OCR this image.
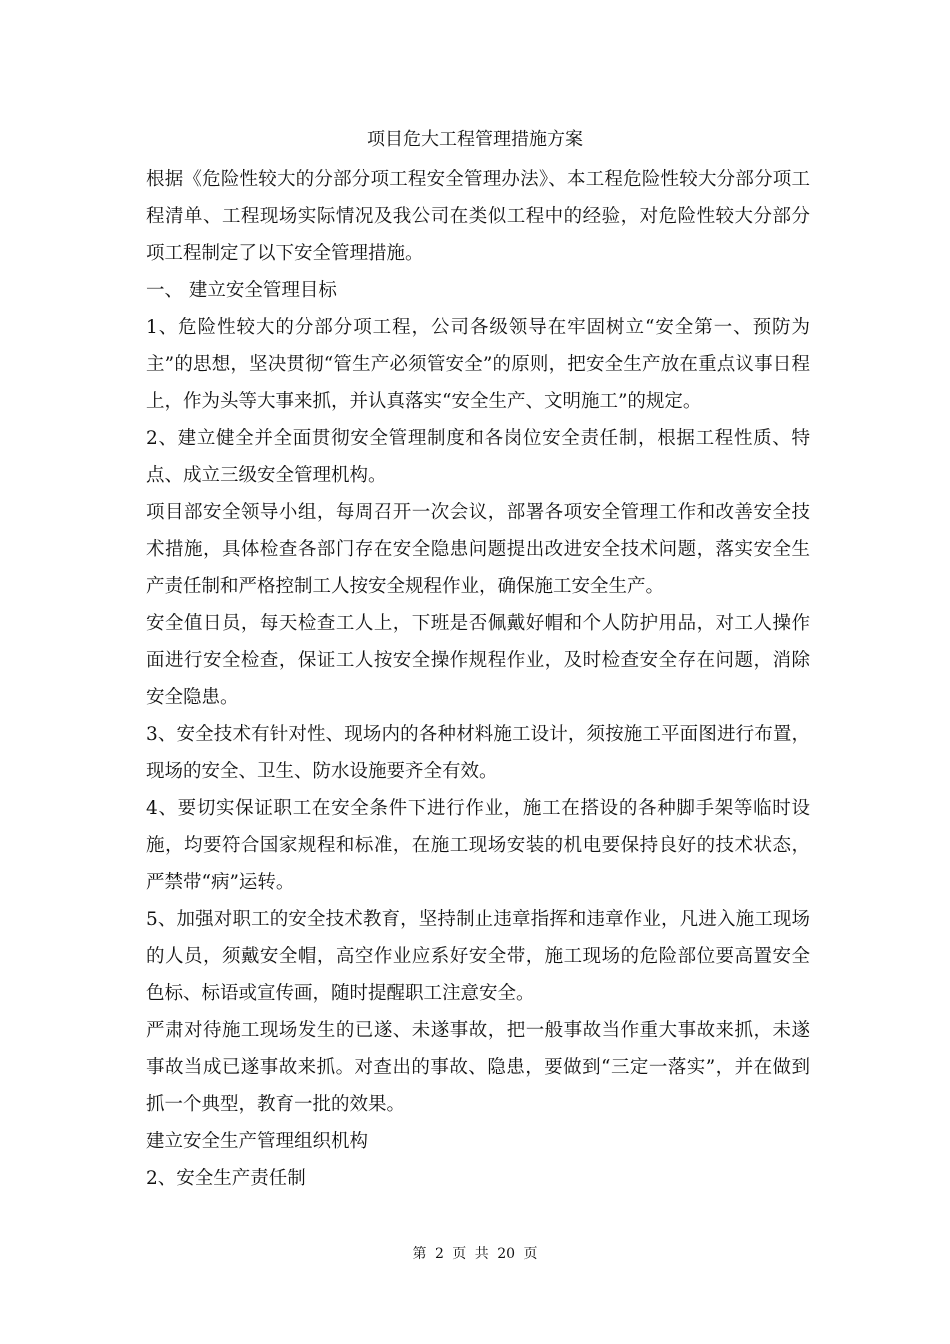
项目危大工程管理措施方案

根据《危险性较大的分部分项工程安全管理办法》、本工程危险性较大分部分项工程清单、工程现场实际情况及我公司在类似工程中的经验，对危险性较大分部分项工程制定了以下安全管理措施。

一、 建立安全管理目标

1、危险性较大的分部分项工程，公司各级领导在牢固树立“安全第一、预防为主”的思想，坚决贯彻“管生产必须管安全”的原则，把安全生产放在重点议事日程上，作为头等大事来抓，并认真落实“安全生产、文明施工”的规定。

2、建立健全并全面贯彻安全管理制度和各岗位安全责任制，根据工程性质、特点、成立三级安全管理机构。

项目部安全领导小组，每周召开一次会议，部署各项安全管理工作和改善安全技术措施，具体检查各部门存在安全隐患问题提出改进安全技术问题，落实安全生产责任制和严格控制工人按安全规程作业，确保施工安全生产。

安全值日员，每天检查工人上，下班是否佩戴好帽和个人防护用品，对工人操作面进行安全检查，保证工人按安全操作规程作业，及时检查安全存在问题，消除安全隐患。

3、安全技术有针对性、现场内的各种材料施工设计，须按施工平面图进行布置，现场的安全、卫生、防水设施要齐全有效。

4、要切实保证职工在安全条件下进行作业，施工在搭设的各种脚手架等临时设施，均要符合国家规程和标准，在施工现场安装的机电要保持良好的技术状态，严禁带“病”运转。

5、加强对职工的安全技术教育，坚持制止违章指挥和违章作业，凡进入施工现场的人员，须戴安全帽，高空作业应系好安全带，施工现场的危险部位要高置安全色标、标语或宣传画，随时提醒职工注意安全。

严肃对待施工现场发生的已遂、未遂事故，把一般事故当作重大事故来抓，未遂事故当成已遂事故来抓。对查出的事故、隐患，要做到“三定一落实”，并在做到抓一个典型，教育一批的效果。

建立安全生产管理组织机构

2、安全生产责任制

第 2 页 共 20 页
